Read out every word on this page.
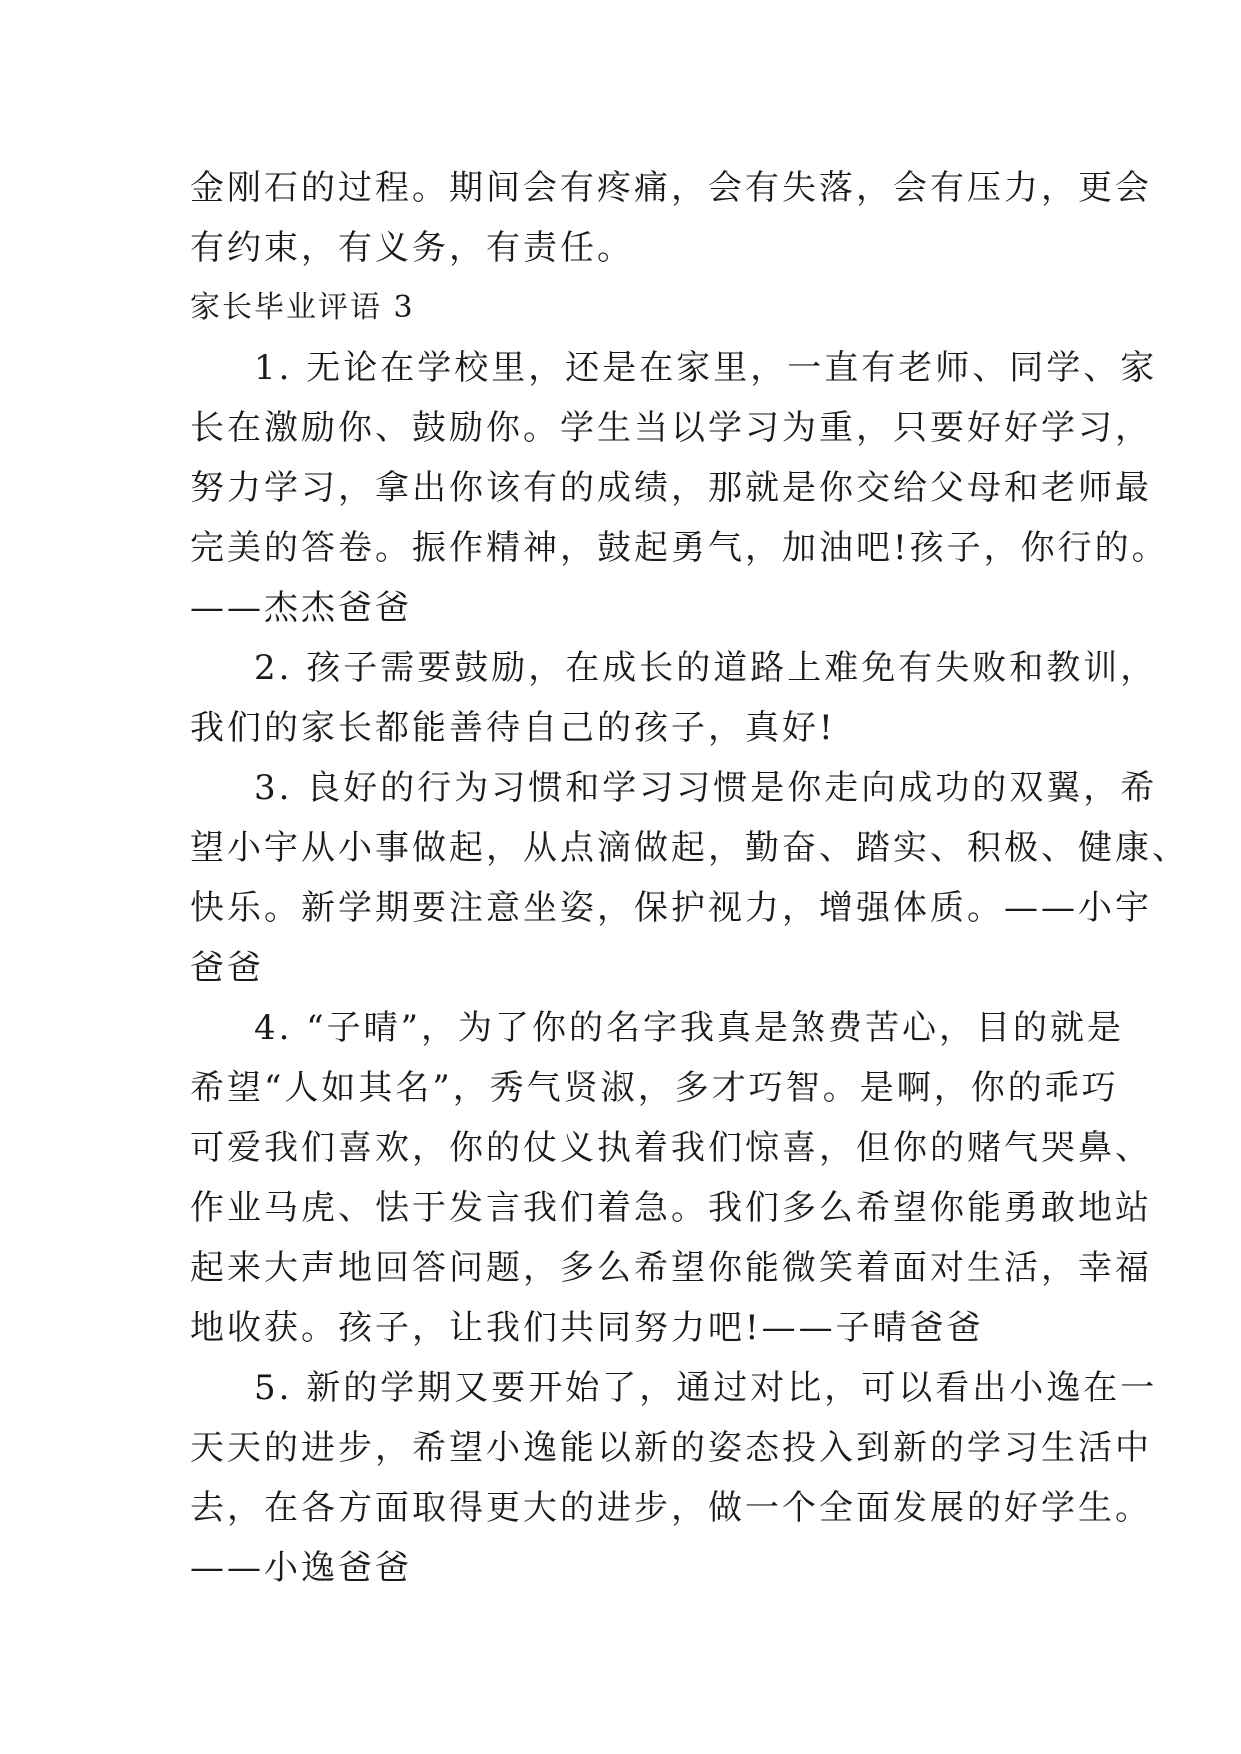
金刚石的过程。期间会有疼痛，会有失落，会有压力，更会
有约束，有义务，有责任。
家长毕业评语 3
1. 无论在学校里，还是在家里，一直有老师、同学、家
长在激励你、鼓励你。学生当以学习为重，只要好好学习，
努力学习，拿出你该有的成绩，那就是你交给父母和老师最
完美的答卷。振作精神，鼓起勇气，加油吧!孩子，你行的。
——杰杰爸爸
2. 孩子需要鼓励，在成长的道路上难免有失败和教训，
我们的家长都能善待自己的孩子，真好!
3. 良好的行为习惯和学习习惯是你走向成功的双翼，希
望小宇从小事做起，从点滴做起，勤奋、踏实、积极、健康、
快乐。新学期要注意坐姿，保护视力，增强体质。——小宇
爸爸
4. “子晴”，为了你的名字我真是煞费苦心，目的就是
希望“人如其名”，秀气贤淑，多才巧智。是啊，你的乖巧
可爱我们喜欢，你的仗义执着我们惊喜，但你的赌气哭鼻、
作业马虎、怯于发言我们着急。我们多么希望你能勇敢地站
起来大声地回答问题，多么希望你能微笑着面对生活，幸福
地收获。孩子，让我们共同努力吧!——子晴爸爸
5. 新的学期又要开始了，通过对比，可以看出小逸在一
天天的进步，希望小逸能以新的姿态投入到新的学习生活中
去，在各方面取得更大的进步，做一个全面发展的好学生。
——小逸爸爸
